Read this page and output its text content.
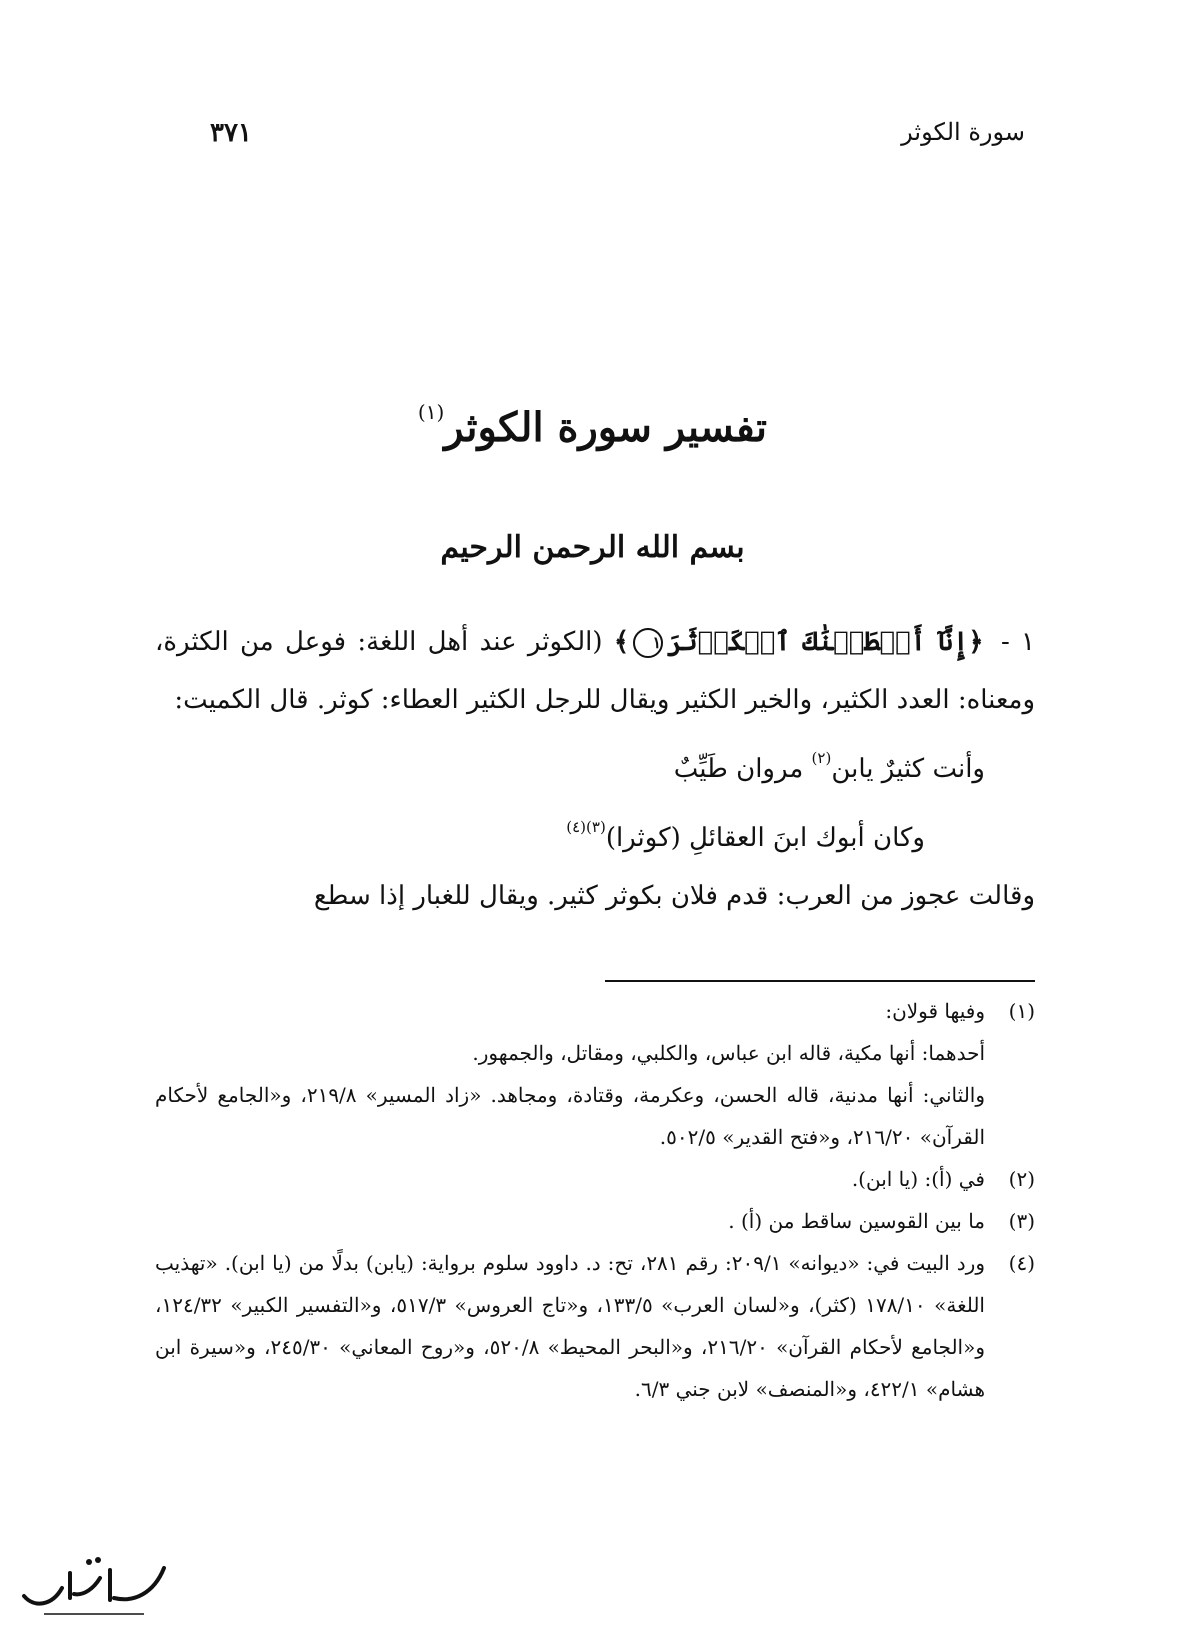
سورة الكوثر
٣٧١
تفسير سورة الكوثر$^{(١)}$
بسم الله الرحمن الرحيم

١ - ﴿إِنَّآ أَعۡطَيۡنَٰكَ ٱلۡكَوۡثَرَ١﴾ (الكوثر عند أهل اللغة: فوعل من الكثرة، ومعناه: العدد الكثير، والخير الكثير ويقال للرجل الكثير العطاء: كوثر. قال الكميت:

وأنت كثيرٌ يابن$^{(٢)}$ مروان طَيِّبٌ

وكان أبوك ابنَ العقائلِ (كوثرا)$^{(٣)(٤)}$

وقالت عجوز من العرب: قدم فلان بكوثر كثير. ويقال للغبار إذا سطع

(١)

وفيها قولان:

أحدهما: أنها مكية، قاله ابن عباس، والكلبي، ومقاتل، والجمهور.

والثاني: أنها مدنية، قاله الحسن، وعكرمة، وقتادة، ومجاهد. «زاد المسير» ٢١٩/٨، و«الجامع لأحكام القرآن» ٢١٦/٢٠، و«فتح القدير» ٥٠٢/٥.

(٢)

في (أ): (يا ابن).

(٣)

ما بين القوسين ساقط من (أ) .

(٤)

ورد البيت في: «ديوانه» ٢٠٩/١: رقم ٢٨١، تح: د. داوود سلوم برواية: (يابن) بدلًا من (يا ابن). «تهذيب اللغة» ١٧٨/١٠ (كثر)، و«لسان العرب» ١٣٣/٥، و«تاج العروس» ٥١٧/٣، و«التفسير الكبير» ١٢٤/٣٢، و«الجامع لأحكام القرآن» ٢١٦/٢٠، و«البحر المحيط» ٥٢٠/٨، و«روح المعاني» ٢٤٥/٣٠، و«سيرة ابن هشام» ٤٢٢/١، و«المنصف» لابن جني ٦/٣.
